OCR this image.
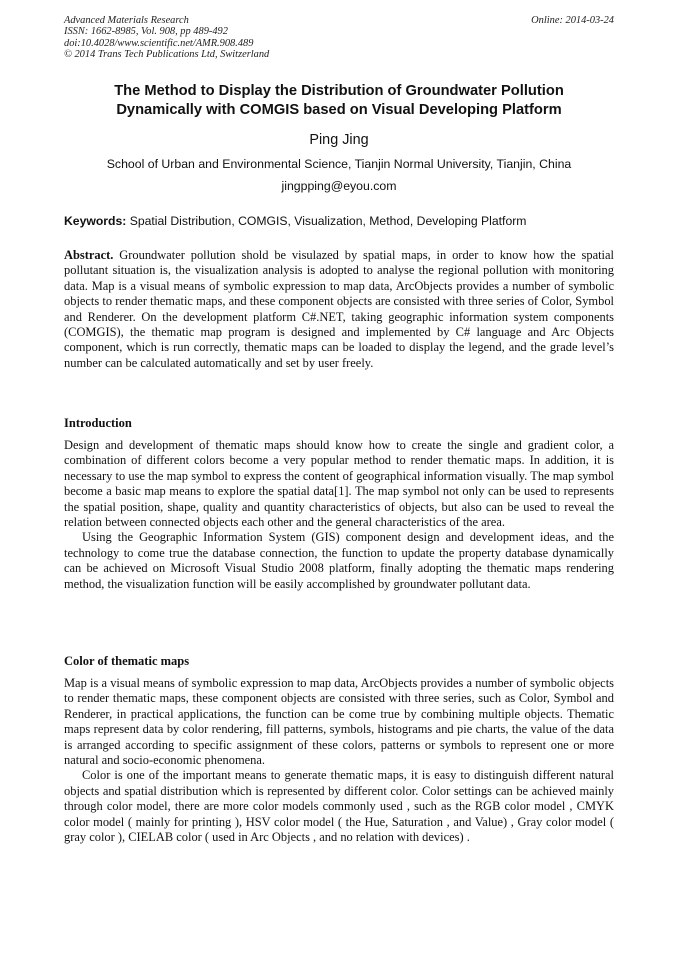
Advanced Materials Research
ISSN: 1662-8985, Vol. 908, pp 489-492
doi:10.4028/www.scientific.net/AMR.908.489
© 2014 Trans Tech Publications Ltd, Switzerland
Online: 2014-03-24
The Method to Display the Distribution of Groundwater Pollution
Dynamically with COMGIS based on Visual Developing Platform
Ping Jing
School of Urban and Environmental Science, Tianjin Normal University, Tianjin, China
jingpping@eyou.com
Keywords: Spatial Distribution, COMGIS, Visualization, Method, Developing Platform

Abstract. Groundwater pollution shold be visulazed by spatial maps, in order to know how the spatial pollutant situation is, the visualization analysis is adopted to analyse the regional pollution with monitoring data. Map is a visual means of symbolic expression to map data, ArcObjects provides a number of symbolic objects to render thematic maps, and these component objects are consisted with three series of Color, Symbol and Renderer. On the development platform C#.NET, taking geographic information system components (COMGIS), the thematic map program is designed and implemented by C# language and Arc Objects component, which is run correctly, thematic maps can be loaded to display the legend, and the grade level’s number can be calculated automatically and set by user freely.

Introduction

Design and development of thematic maps should know how to create the single and gradient color, a combination of different colors become a very popular method to render thematic maps. In addition, it is necessary to use the map symbol to express the content of geographical information visually. The map symbol become a basic map means to explore the spatial data[1]. The map symbol not only can be used to represents the spatial position, shape, quality and quantity characteristics of objects, but also can be used to reveal the relation between connected objects each other and the general characteristics of the area.

Using the Geographic Information System (GIS) component design and development ideas, and the technology to come true the database connection, the function to update the property database dynamically can be achieved on Microsoft Visual Studio 2008 platform, finally adopting the thematic maps rendering method, the visualization function will be easily accomplished by groundwater pollutant data.

Color of thematic maps

Map is a visual means of symbolic expression to map data, ArcObjects provides a number of symbolic objects to render thematic maps, these component objects are consisted with three series, such as Color, Symbol and Renderer, in practical applications, the function can be come true by combining multiple objects. Thematic maps represent data by color rendering, fill patterns, symbols, histograms and pie charts, the value of the data is arranged according to specific assignment of these colors, patterns or symbols to represent one or more natural and socio-economic phenomena.

Color is one of the important means to generate thematic maps, it is easy to distinguish different natural objects and spatial distribution which is represented by different color. Color settings can be achieved mainly through color model, there are more color models commonly used , such as the RGB color model , CMYK color model ( mainly for printing ), HSV color model ( the Hue, Saturation , and Value) , Gray color model ( gray color ), CIELAB color ( used in Arc Objects , and no relation with devices) .
